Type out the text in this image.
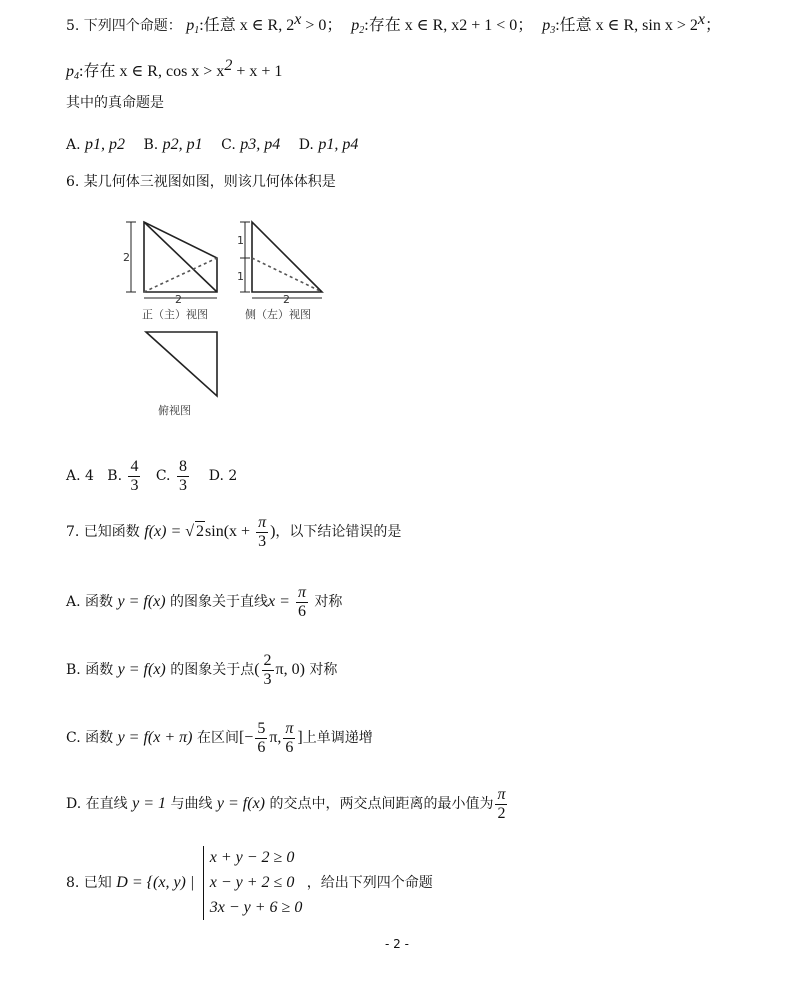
5. 下列四个命题： $p_1$:任意 x ∈ R, $2^x > 0$； $p_2$:存在 x ∈ R, x2 + 1 < 0； $p_3$:任意 x ∈ R, $\sin x > 2^x$；
$p_4$:存在 x ∈ R, $\cos x > x^2 + x + 1$
其中的真命题是
A. p1, p2 B. p2, p1 C. p3, p4 D. p1, p4
6. 某几何体三视图如图，则该几何体体积是
2
2
正（主）视图
1
1
2
侧（左）视图
俯视图
A. 4 B. $\frac{4}{3} C$. $\frac{8}{3} D$. 2
7. 已知函数 f(x) = √ $2\sin(x + \frac{\pi}{3}$ )，以下结论错误的是
A. 函数 y = f(x) 的图象关于直线$x = \frac{\pi}{6}$ 对称
B. 函数 y = f(x) 的图象关于点( $\frac{2}{3} \pi$, 0) 对称
C. 函数 y = f(x + π) 在区间[− $\frac{5}{6} \pi$, $\frac{\pi}{6}$ ]上单调递增
D. 在直线 y = 1 与曲线 y = f(x) 的交点中，两交点间距离的最小值为 $\frac{\pi}{2}$
8. 已知 D = {(x, y) |
x + y − 2 ≥ 0
x − y + 2 ≤ 0
3x − y + 6 ≥ 0
，给出下列四个命题
- 2 -
